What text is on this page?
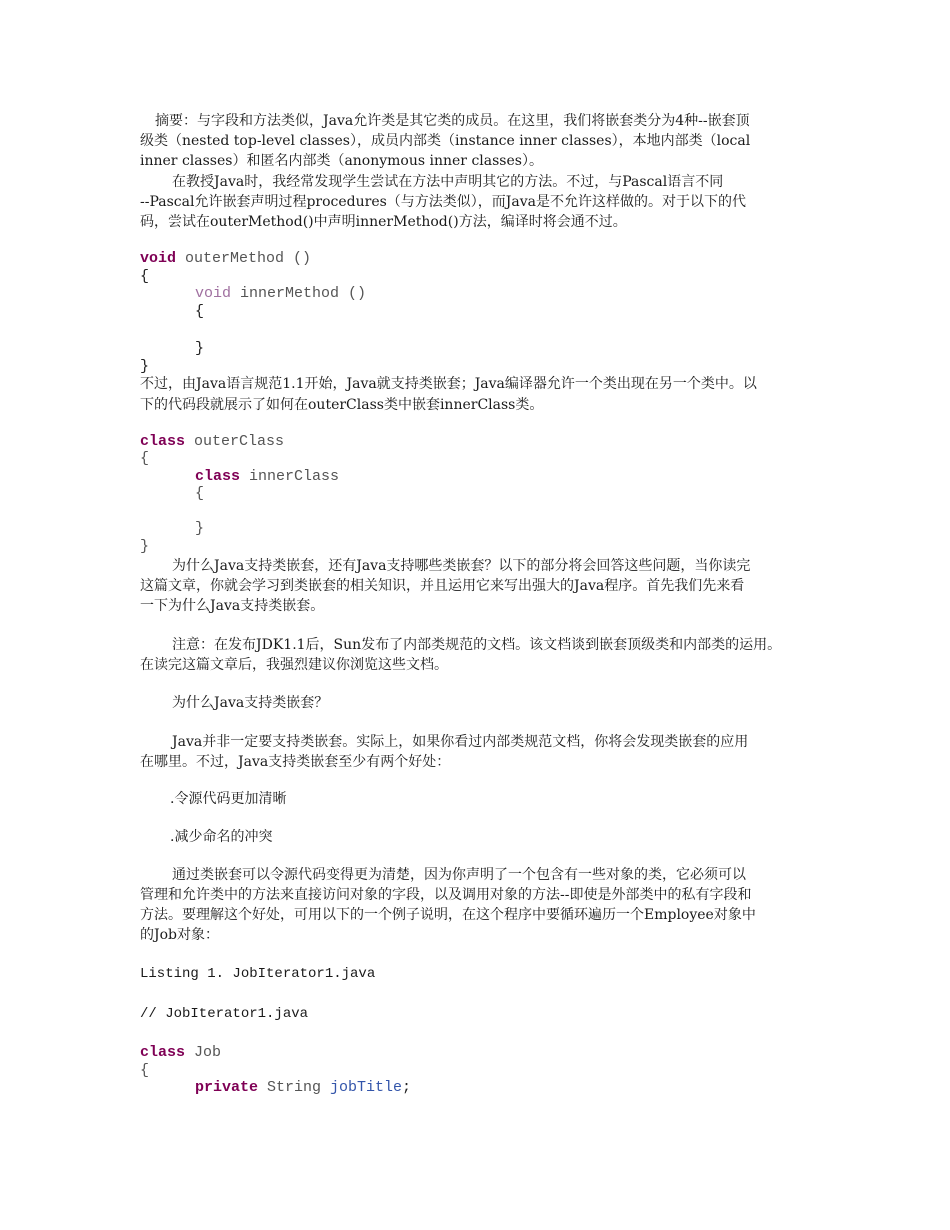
摘要：与字段和方法类似，Java允许类是其它类的成员。在这里，我们将嵌套类分为4种--嵌套顶
级类（nested top-level classes），成员内部类（instance inner classes），本地内部类（local
inner classes）和匿名内部类（anonymous inner classes）。
在教授Java时，我经常发现学生尝试在方法中声明其它的方法。不过，与Pascal语言不同
--Pascal允许嵌套声明过程procedures（与方法类似），而Java是不允许这样做的。对于以下的代
码，尝试在outerMethod()中声明innerMethod()方法，编译时将会通不过。
void outerMethod ()
{
void innerMethod ()
{
}
}
不过，由Java语言规范1.1开始，Java就支持类嵌套；Java编译器允许一个类出现在另一个类中。以
下的代码段就展示了如何在outerClass类中嵌套innerClass类。
class outerClass
{
class innerClass
{
}
}
为什么Java支持类嵌套，还有Java支持哪些类嵌套？以下的部分将会回答这些问题，当你读完
这篇文章，你就会学习到类嵌套的相关知识，并且运用它来写出强大的Java程序。首先我们先来看
一下为什么Java支持类嵌套。
注意：在发布JDK1.1后，Sun发布了内部类规范的文档。该文档谈到嵌套顶级类和内部类的运用。
在读完这篇文章后，我强烈建议你浏览这些文档。
为什么Java支持类嵌套？
Java并非一定要支持类嵌套。实际上，如果你看过内部类规范文档，你将会发现类嵌套的应用
在哪里。不过，Java支持类嵌套至少有两个好处：
.令源代码更加清晰
.减少命名的冲突
通过类嵌套可以令源代码变得更为清楚，因为你声明了一个包含有一些对象的类，它必须可以
管理和允许类中的方法来直接访问对象的字段，以及调用对象的方法--即使是外部类中的私有字段和
方法。要理解这个好处，可用以下的一个例子说明，在这个程序中要循环遍历一个Employee对象中
的Job对象：
Listing 1. JobIterator1.java
// JobIterator1.java
class Job
{
private String jobTitle;
